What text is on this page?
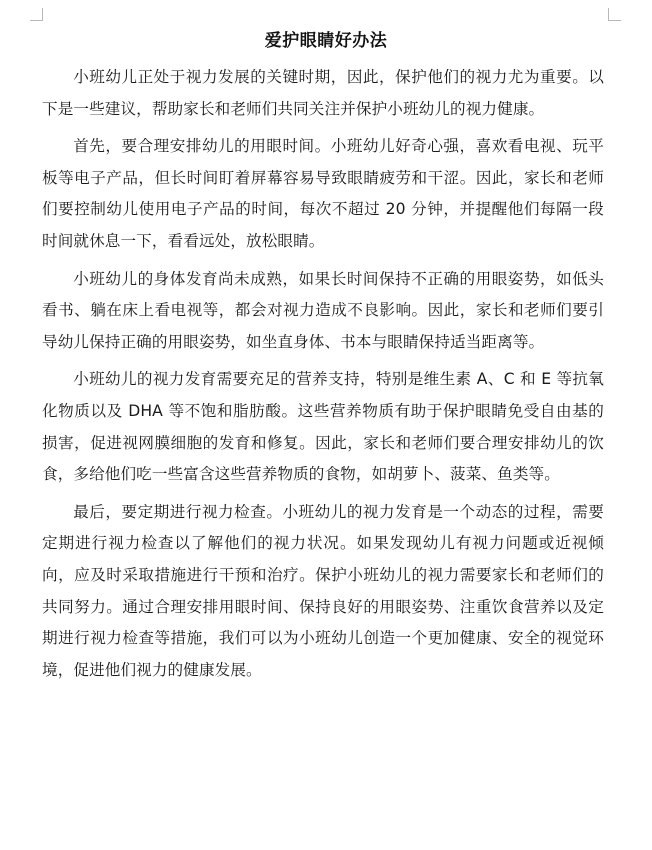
爱护眼睛好办法

小班幼儿正处于视力发展的关键时期，因此，保护他们的视力尤为重要。以下是一些建议，帮助家长和老师们共同关注并保护小班幼儿的视力健康。

首先，要合理安排幼儿的用眼时间。小班幼儿好奇心强，喜欢看电视、玩平板等电子产品，但长时间盯着屏幕容易导致眼睛疲劳和干涩。因此，家长和老师们要控制幼儿使用电子产品的时间，每次不超过 20 分钟，并提醒他们每隔一段时间就休息一下，看看远处，放松眼睛。

小班幼儿的身体发育尚未成熟，如果长时间保持不正确的用眼姿势，如低头看书、躺在床上看电视等，都会对视力造成不良影响。因此，家长和老师们要引导幼儿保持正确的用眼姿势，如坐直身体、书本与眼睛保持适当距离等。

小班幼儿的视力发育需要充足的营养支持，特别是维生素 A、C 和 E 等抗氧化物质以及 DHA 等不饱和脂肪酸。这些营养物质有助于保护眼睛免受自由基的损害，促进视网膜细胞的发育和修复。因此，家长和老师们要合理安排幼儿的饮食，多给他们吃一些富含这些营养物质的食物，如胡萝卜、菠菜、鱼类等。

最后，要定期进行视力检查。小班幼儿的视力发育是一个动态的过程，需要定期进行视力检查以了解他们的视力状况。如果发现幼儿有视力问题或近视倾向，应及时采取措施进行干预和治疗。保护小班幼儿的视力需要家长和老师们的共同努力。通过合理安排用眼时间、保持良好的用眼姿势、注重饮食营养以及定期进行视力检查等措施，我们可以为小班幼儿创造一个更加健康、安全的视觉环境，促进他们视力的健康发展。
